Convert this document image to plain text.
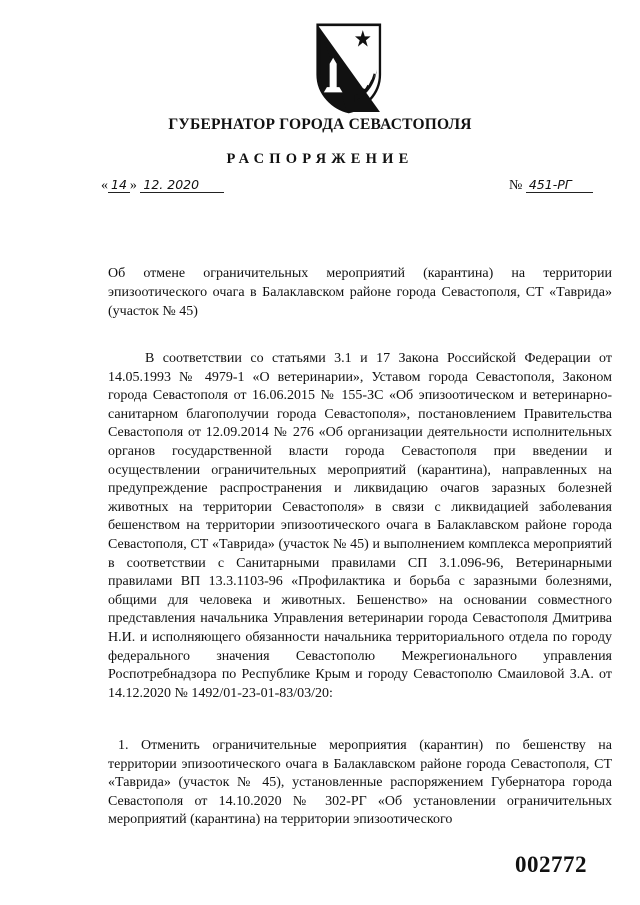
ГУБЕРНАТОР ГОРОДА СЕВАСТОПОЛЯ
РАСПОРЯЖЕНИЕ
« 14 » 12. 2020	№ 451-РГ
Об отмене ограничительных мероприятий (карантина) на территории эпизоотического очага в Балаклавском районе города Севастополя, СТ «Таврида» (участок № 45)
В соответствии со статьями 3.1 и 17 Закона Российской Федерации от 14.05.1993 № 4979-1 «О ветеринарии», Уставом города Севастополя, Законом города Севастополя от 16.06.2015 № 155-ЗС «Об эпизоотическом и ветеринарно-санитарном благополучии города Севастополя», постановлением Правительства Севастополя от 12.09.2014 № 276 «Об организации деятельности исполнительных органов государственной власти города Севастополя при введении и осуществлении ограничительных мероприятий (карантина), направленных на предупреждение распространения и ликвидацию очагов заразных болезней животных на территории Севастополя» в связи с ликвидацией заболевания бешенством на территории эпизоотического очага в Балаклавском районе города Севастополя, СТ «Таврида» (участок № 45) и выполнением комплекса мероприятий в соответствии с Санитарными правилами СП 3.1.096-96, Ветеринарными правилами ВП 13.3.1103-96 «Профилактика и борьба с заразными болезнями, общими для человека и животных. Бешенство» на основании совместного представления начальника Управления ветеринарии города Севастополя Дмитрива Н.И. и исполняющего обязанности начальника территориального отдела по городу федерального значения Севастополю Межрегионального управления Роспотребнадзора по Республике Крым и городу Севастополю Смаиловой З.А. от 14.12.2020 № 1492/01-23-01-83/03/20:
1. Отменить ограничительные мероприятия (карантин) по бешенству на территории эпизоотического очага в Балаклавском районе города Севастополя, СТ «Таврида» (участок № 45), установленные распоряжением Губернатора города Севастополя от 14.10.2020 № 302-РГ «Об установлении ограничительных мероприятий (карантина) на территории эпизоотического
002772
